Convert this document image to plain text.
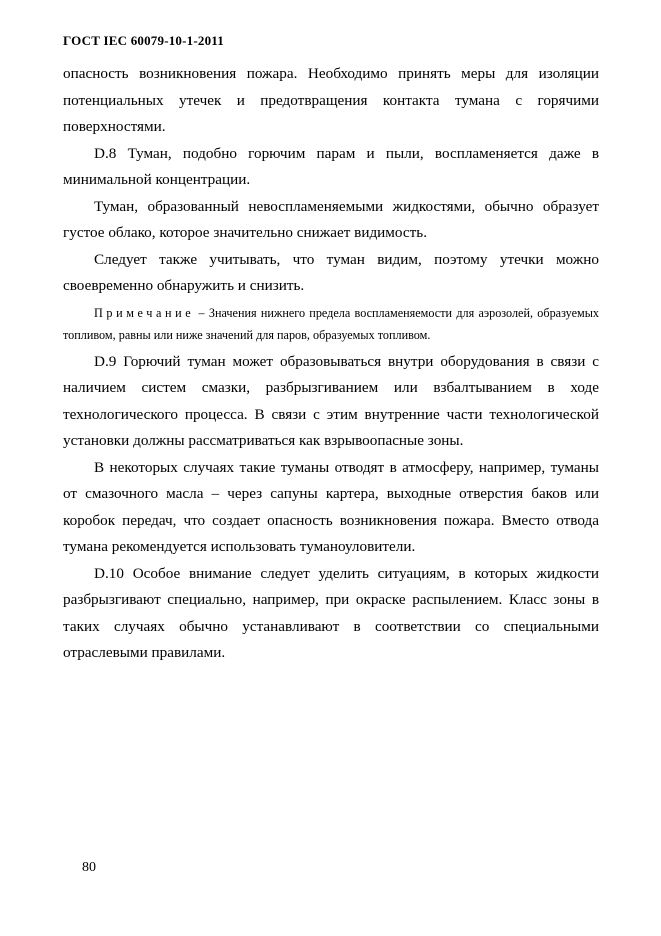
ГОСТ IEC 60079-10-1-2011

опасность возникновения пожара. Необходимо принять меры для изоляции потенциальных утечек и предотвращения контакта тумана с горячими поверхностями.

D.8 Туман, подобно горючим парам и пыли, воспламеняется даже в минимальной концентрации.

Туман, образованный невоспламеняемыми жидкостями, обычно образует густое облако, которое значительно снижает видимость.

Следует также учитывать, что туман видим, поэтому утечки можно своевременно обнаружить и снизить.

Примечание – Значения нижнего предела воспламеняемости для аэрозолей, образуемых топливом, равны или ниже значений для паров, образуемых топливом.

D.9 Горючий туман может образовываться внутри оборудования в связи с наличием систем смазки, разбрызгиванием или взбалтыванием в ходе технологического процесса. В связи с этим внутренние части технологической установки должны рассматриваться как взрывоопасные зоны.

В некоторых случаях такие туманы отводят в атмосферу, например, туманы от смазочного масла – через сапуны картера, выходные отверстия баков или коробок передач, что создает опасность возникновения пожара. Вместо отвода тумана рекомендуется использовать туманоуловители.

D.10 Особое внимание следует уделить ситуациям, в которых жидкости разбрызгивают специально, например, при окраске распылением. Класс зоны в таких случаях обычно устанавливают в соответствии со специальными отраслевыми правилами.

80
